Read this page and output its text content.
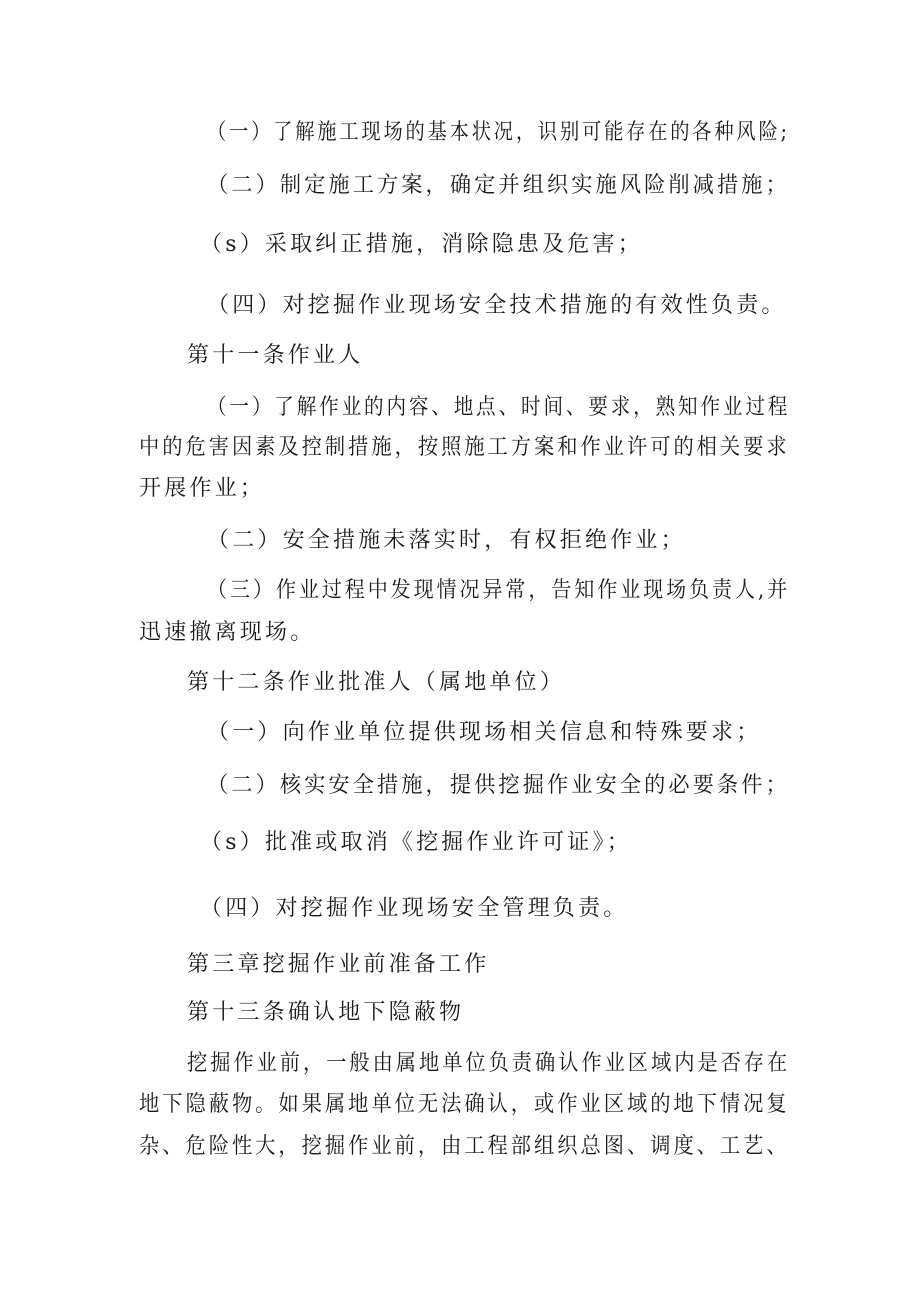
（一）了解施工现场的基本状况，识别可能存在的各种风险;
（二）制定施工方案，确定并组织实施风险削减措施；
（s）采取纠正措施，消除隐患及危害；
（四）对挖掘作业现场安全技术措施的有效性负责。
第十一条作业人
（一）了解作业的内容、地点、时间、要求，熟知作业过程
中的危害因素及控制措施，按照施工方案和作业许可的相关要求
开展作业；
（二）安全措施未落实时，有权拒绝作业；
（三）作业过程中发现情况异常，告知作业现场负责人,并
迅速撤离现场。
第十二条作业批准人（属地单位）
（一）向作业单位提供现场相关信息和特殊要求；
（二）核实安全措施，提供挖掘作业安全的必要条件；
（s）批准或取消《挖掘作业许可证》；
（四）对挖掘作业现场安全管理负责。
第三章挖掘作业前准备工作
第十三条确认地下隐蔽物
挖掘作业前，一般由属地单位负责确认作业区域内是否存在
地下隐蔽物。如果属地单位无法确认，或作业区域的地下情况复
杂、危险性大，挖掘作业前，由工程部组织总图、调度、工艺、
